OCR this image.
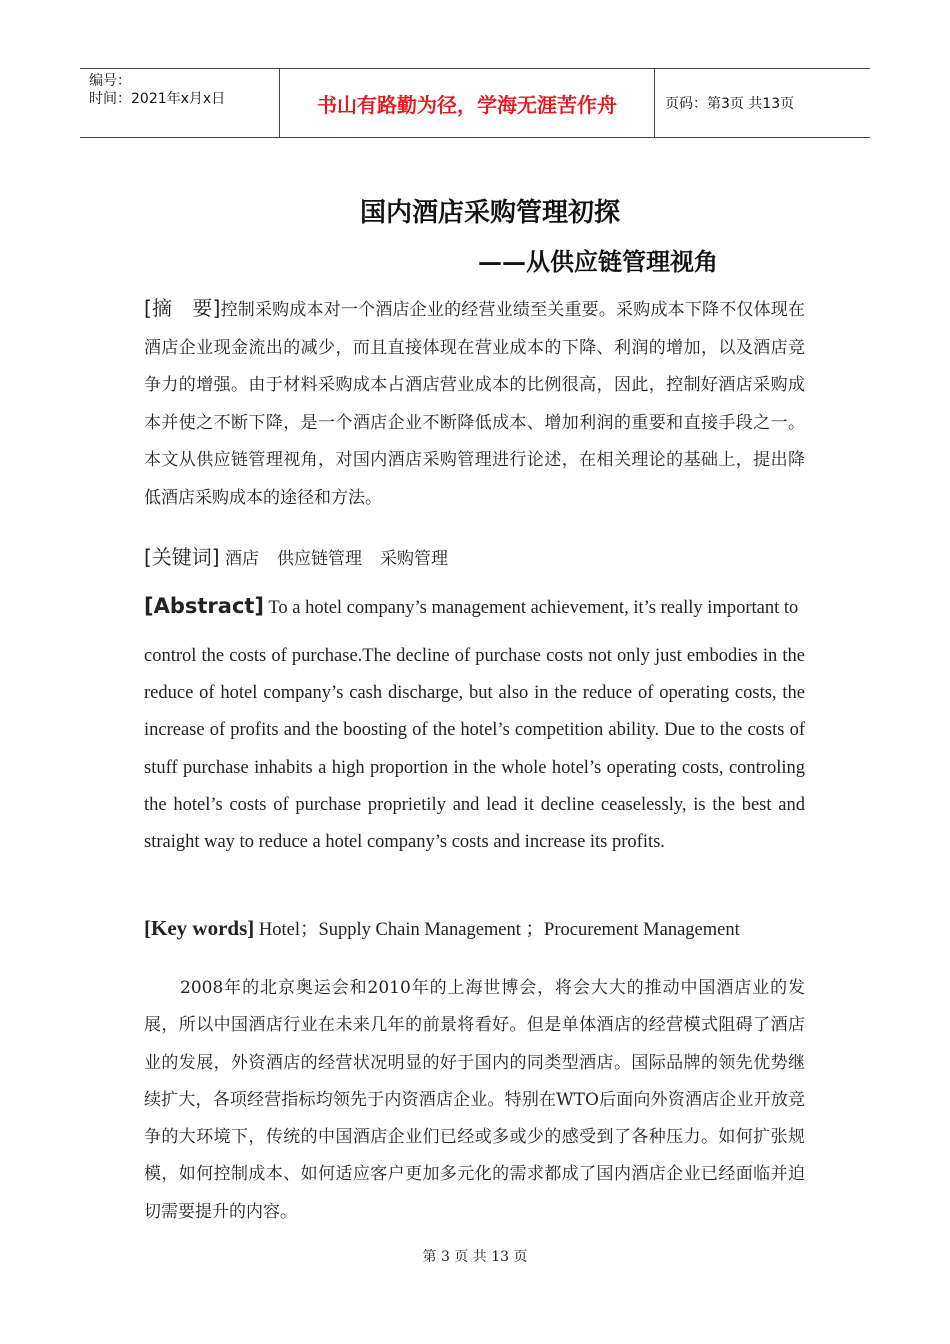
编号：
时间：2021年x月x日	书山有路勤为径，学海无涯苦作舟	页码：第3页 共13页
国内酒店采购管理初探
——从供应链管理视角
[摘　要]控制采购成本对一个酒店企业的经营业绩至关重要。采购成本下降不仅体现在酒店企业现金流出的减少，而且直接体现在营业成本的下降、利润的增加，以及酒店竞争力的增强。由于材料采购成本占酒店营业成本的比例很高，因此，控制好酒店采购成本并使之不断下降，是一个酒店企业不断降低成本、增加利润的重要和直接手段之一。本文从供应链管理视角，对国内酒店采购管理进行论述，在相关理论的基础上，提出降低酒店采购成本的途径和方法。
[关键词] 酒店 供应链管理 采购管理
[Abstract] To a hotel company’s management achievement, it’s really important to
control the costs of purchase.The decline of purchase costs not only just embodies in the reduce of hotel company’s cash discharge, but also in the reduce of operating costs, the increase of profits and the boosting of the hotel’s competition ability. Due to the costs of stuff purchase inhabits a high proportion in the whole hotel’s operating costs, controling the hotel’s costs of purchase proprietily and lead it decline ceaselessly, is the best and straight way to reduce a hotel company’s costs and increase its profits.
[Key words] Hotel；Supply Chain Management ；Procurement Management
2008年的北京奥运会和2010年的上海世博会，将会大大的推动中国酒店业的发展，所以中国酒店行业在未来几年的前景将看好。但是单体酒店的经营模式阻碍了酒店业的发展，外资酒店的经营状况明显的好于国内的同类型酒店。国际品牌的领先优势继续扩大，各项经营指标均领先于内资酒店企业。特别在WTO后面向外资酒店企业开放竞争的大环境下，传统的中国酒店企业们已经或多或少的感受到了各种压力。如何扩张规模，如何控制成本、如何适应客户更加多元化的需求都成了国内酒店企业已经面临并迫切需要提升的内容。
第 3 页 共 13 页
